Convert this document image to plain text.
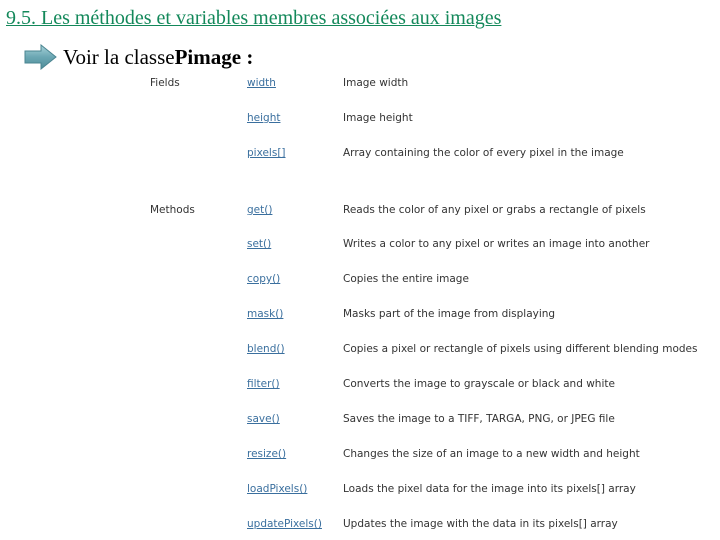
9.5. Les méthodes et variables membres associées aux images
Voir la classe Pimage :
Fields	width	Image width
height	Image height
pixels[]	Array containing the color of every pixel in the image
Methods	get()	Reads the color of any pixel or grabs a rectangle of pixels
set()	Writes a color to any pixel or writes an image into another
copy()	Copies the entire image
mask()	Masks part of the image from displaying
blend()	Copies a pixel or rectangle of pixels using different blending modes
filter()	Converts the image to grayscale or black and white
save()	Saves the image to a TIFF, TARGA, PNG, or JPEG file
resize()	Changes the size of an image to a new width and height
loadPixels()	Loads the pixel data for the image into its pixels[] array
updatePixels() Updates the image with the data in its pixels[] array
